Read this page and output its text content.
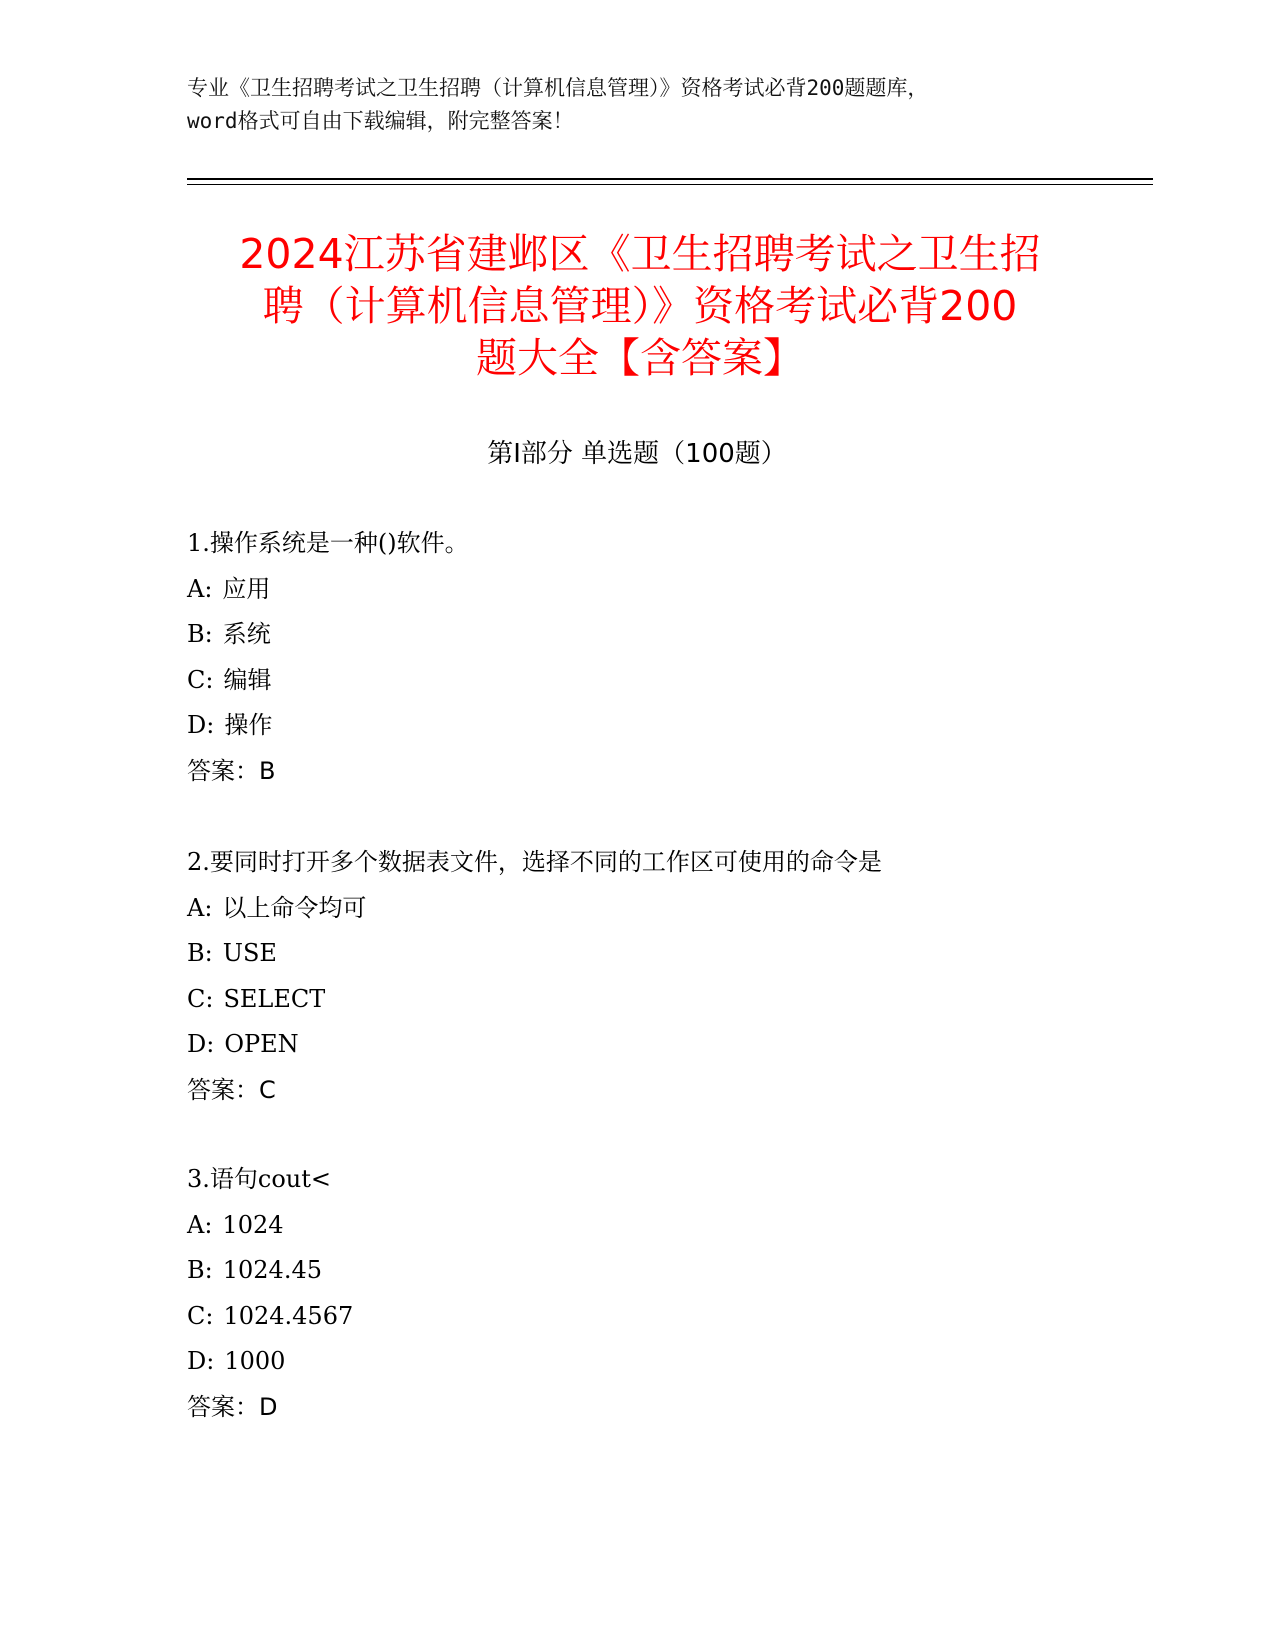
专业《卫生招聘考试之卫生招聘（计算机信息管理）》资格考试必背200题题库，
word格式可自由下载编辑，附完整答案！
2024江苏省建邺区《卫生招聘考试之卫生招
聘（计算机信息管理）》资格考试必背200
题大全【含答案】
第Ⅰ部分 单选题（100题）
1.操作系统是一种()软件。
A: 应用
B: 系统
C: 编辑
D: 操作
答案：B
2.要同时打开多个数据表文件，选择不同的工作区可使用的命令是
A: 以上命令均可
B: USE
C: SELECT
D: OPEN
答案：C
3.语句cout<
A: 1024
B: 1024.45
C: 1024.4567
D: 1000
答案：D
